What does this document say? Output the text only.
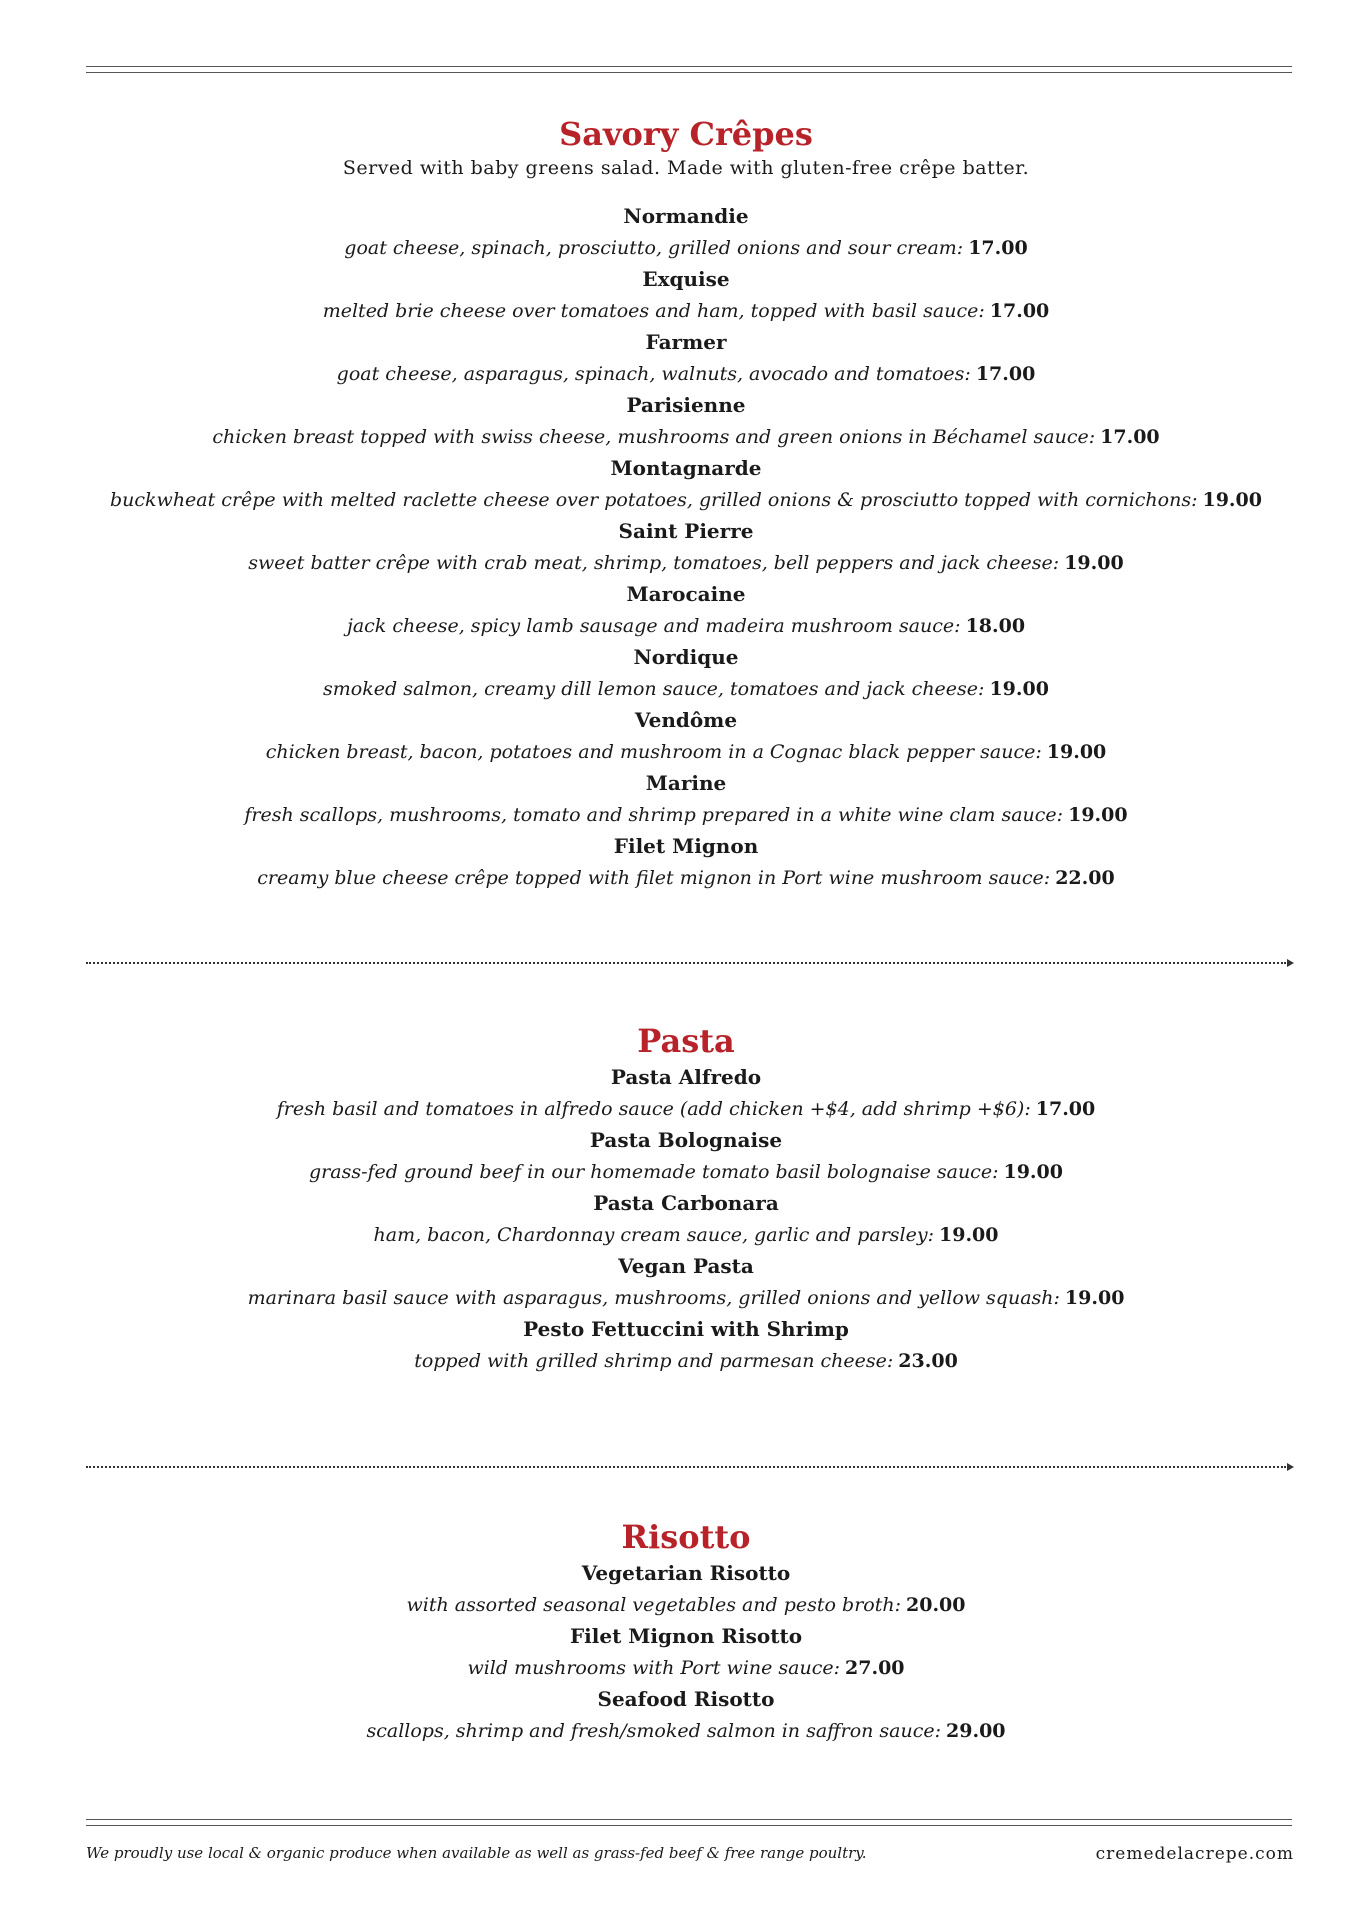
Savory Crêpes
Served with baby greens salad. Made with gluten-free crêpe batter.
Normandie
goat cheese, spinach, prosciutto, grilled onions and sour cream: 17.00
Exquise
melted brie cheese over tomatoes and ham, topped with basil sauce: 17.00
Farmer
goat cheese, asparagus, spinach, walnuts, avocado and tomatoes: 17.00
Parisienne
chicken breast topped with swiss cheese, mushrooms and green onions in Béchamel sauce: 17.00
Montagnarde
buckwheat crêpe with melted raclette cheese over potatoes, grilled onions & prosciutto topped with cornichons: 19.00
Saint Pierre
sweet batter crêpe with crab meat, shrimp, tomatoes, bell peppers and jack cheese: 19.00
Marocaine
jack cheese, spicy lamb sausage and madeira mushroom sauce: 18.00
Nordique
smoked salmon, creamy dill lemon sauce, tomatoes and jack cheese: 19.00
Vendôme
chicken breast, bacon, potatoes and mushroom in a Cognac black pepper sauce: 19.00
Marine
fresh scallops, mushrooms, tomato and shrimp prepared in a white wine clam sauce: 19.00
Filet Mignon
creamy blue cheese crêpe topped with filet mignon in Port wine mushroom sauce: 22.00
Pasta
Pasta Alfredo
fresh basil and tomatoes in alfredo sauce (add chicken +$4, add shrimp +$6): 17.00
Pasta Bolognaise
grass-fed ground beef in our homemade tomato basil bolognaise sauce: 19.00
Pasta Carbonara
ham, bacon, Chardonnay cream sauce, garlic and parsley: 19.00
Vegan Pasta
marinara basil sauce with asparagus, mushrooms, grilled onions and yellow squash: 19.00
Pesto Fettuccini with Shrimp
topped with grilled shrimp and parmesan cheese: 23.00
Risotto
Vegetarian Risotto
with assorted seasonal vegetables and pesto broth: 20.00
Filet Mignon Risotto
wild mushrooms with Port wine sauce: 27.00
Seafood Risotto
scallops, shrimp and fresh/smoked salmon in saffron sauce: 29.00
We proudly use local & organic produce when available as well as grass-fed beef & free range poultry.	cremedelacrepe.com
